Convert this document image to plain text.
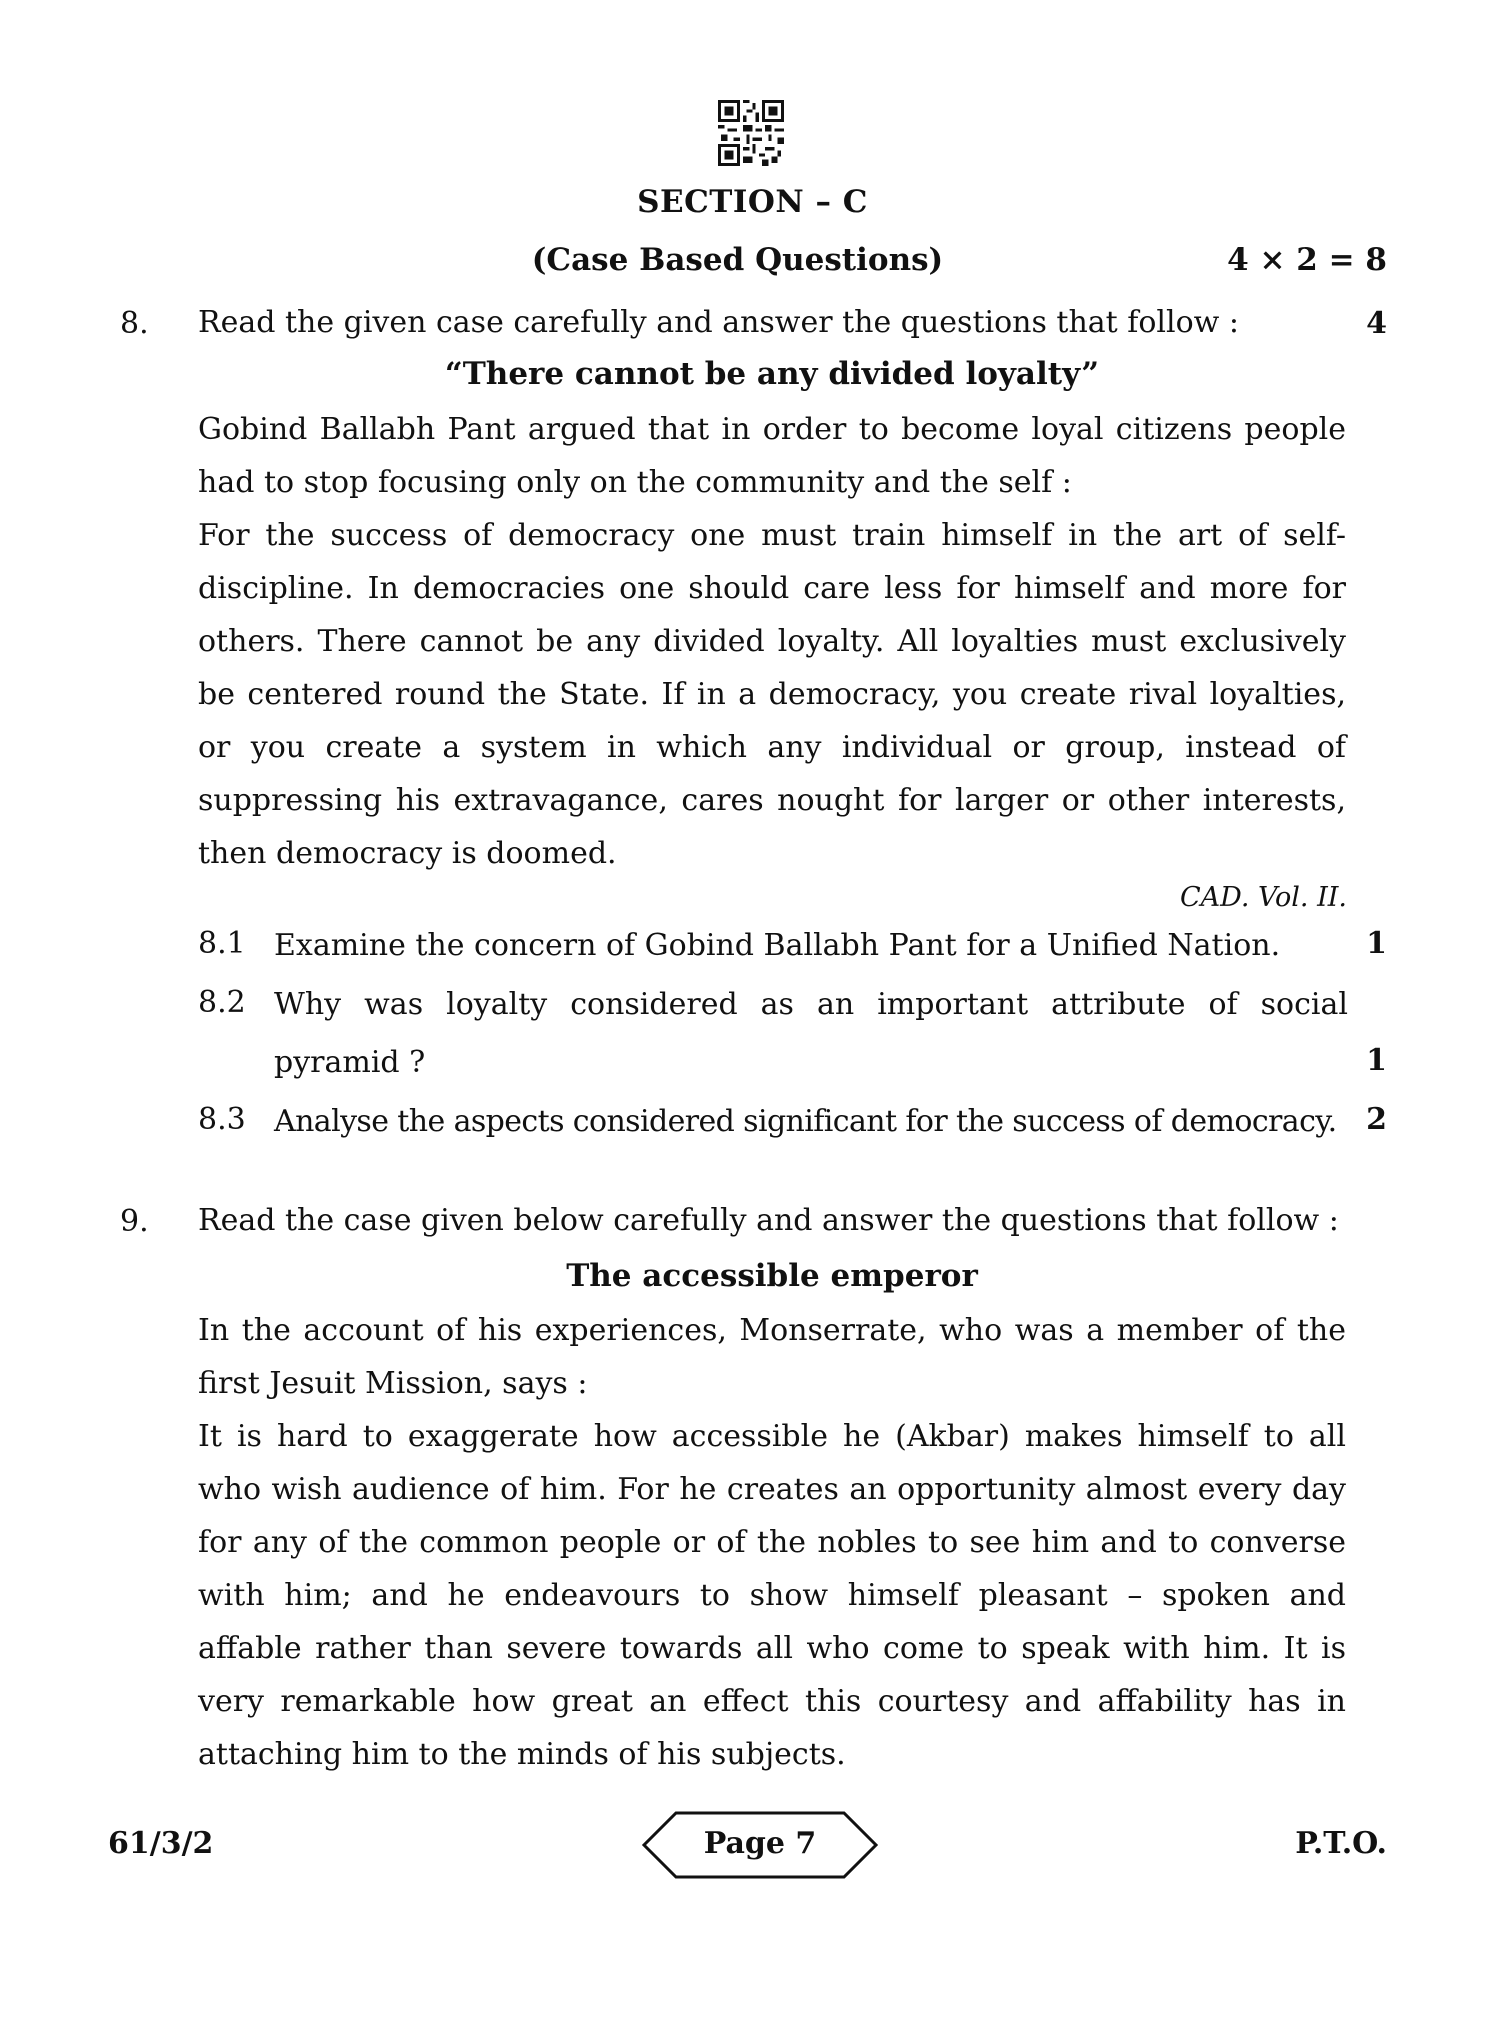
SECTION – C
(Case Based Questions)	4 × 2 = 8
8. Read the given case carefully and answer the questions that follow :	4
“There cannot be any divided loyalty”

Gobind Ballabh Pant argued that in order to become loyal citizens people had to stop focusing only on the community and the self :

For the success of democracy one must train himself in the art of self-discipline. In democracies one should care less for himself and more for others. There cannot be any divided loyalty. All loyalties must exclusively be centered round the State. If in a democracy, you create rival loyalties, or you create a system in which any individual or group, instead of suppressing his extravagance, cares nought for larger or other interests, then democracy is doomed.

CAD. Vol. II.
8.1 Examine the concern of Gobind Ballabh Pant for a Unified Nation.	1
8.2 Why was loyalty considered as an important attribute of social pyramid ?	1
8.3 Analyse the aspects considered significant for the success of democracy. 2
9. Read the case given below carefully and answer the questions that follow :
The accessible emperor

In the account of his experiences, Monserrate, who was a member of the first Jesuit Mission, says :

It is hard to exaggerate how accessible he (Akbar) makes himself to all who wish audience of him. For he creates an opportunity almost every day for any of the common people or of the nobles to see him and to converse with him; and he endeavours to show himself pleasant – spoken and affable rather than severe towards all who come to speak with him. It is very remarkable how great an effect this courtesy and affability has in attaching him to the minds of his subjects.

61/3/2	Page 7	P.T.O.
